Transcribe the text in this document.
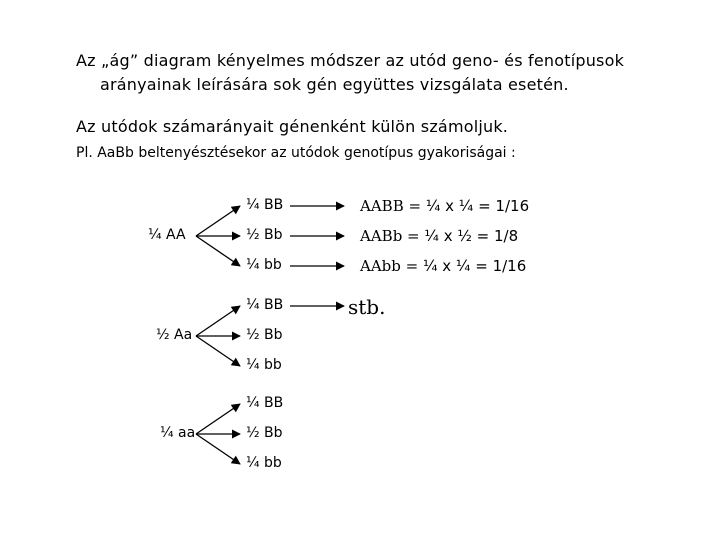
Az „ág” diagram kényelmes módszer az utód geno- és fenotípusok
arányainak leírására sok gén együttes vizsgálata esetén.
Az utódok számarányait génenként külön számoljuk.
Pl. AaBb beltenyésztésekor az utódok genotípus gyakoriságai :
¼ AA
¼ BB
½ Bb
¼ bb
½ Aa
¼ BB
½ Bb
¼ bb
¼ aa
¼ BB
½ Bb
¼ bb
AABB = ¼ x ¼ = 1/16
AABb = ¼ x ½ = 1/8
AAbb = ¼ x ¼ = 1/16
stb.
